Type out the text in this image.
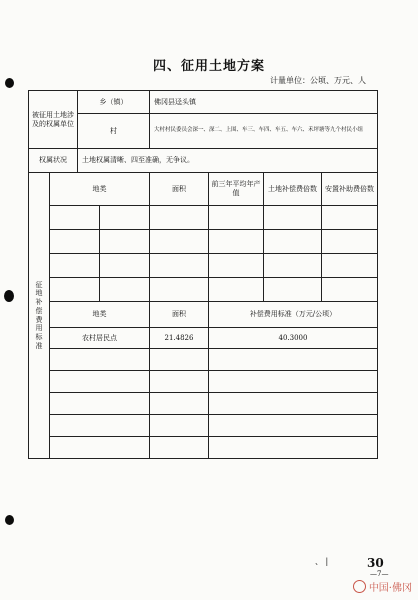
四、征用土地方案
计量单位：公顷、万元、人
被征用土地涉及的权属单位		乡（镇）		佛冈县迳头镇			
		村		大村村民委员会深一、深二、上围、车三、车四、车五、车六、禾坪塘等九个村民小组			
权属状况		土地权属清晰、四至准确，无争议。					

征地补偿费用标准	地类			面积	前三年平均年产值	土地补偿费倍数	安置补助费倍数

	地类			面积	补偿费用标准（万元/公顷）		
	农村居民点			21.4826	40.3000		

、 |	30
—7—
中国·佛冈
